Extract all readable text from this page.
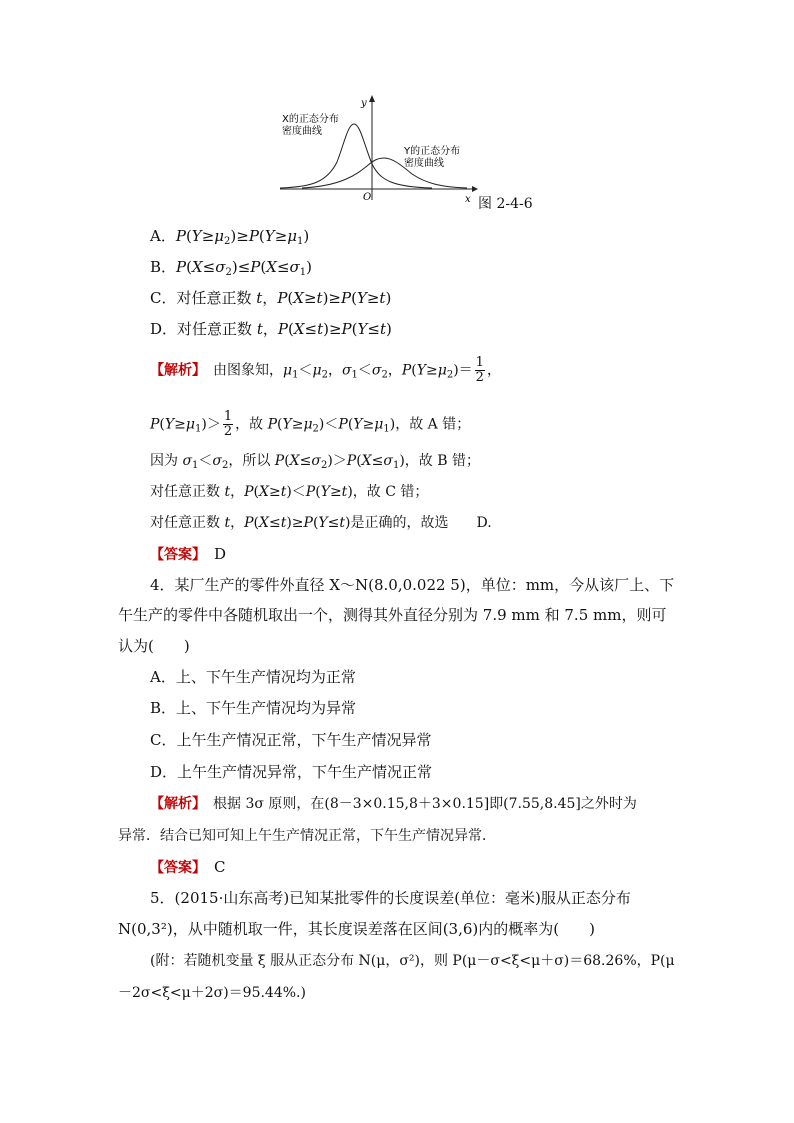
X的正态分布
密度曲线
Y的正态分布
密度曲线
y
x
O	图 2-4-6
A．$P(Y\ge\mu_2)\ge P(Y\ge\mu_1)$
B．$P(X\le\sigma_2)\le P(X\le\sigma_1)$
C．对任意正数 t，P(X≥t)≥P(Y≥t)
D．对任意正数 t，P(X≤t)≥P(Y≤t)
【解析】　 由图象知，$\mu_1<\mu_2$，$\sigma_1<\sigma_2$，$P(Y\ge\mu_2)= \frac{1}{2}$ ，
$P(Y\ge\mu_1)> \frac{1}{2}$ ，故 $P(Y\ge\mu_2)<P(Y\ge\mu_1)$，故 A 错；
因为 $\sigma_1<\sigma_2$，所以 $P(X\le\sigma_2)>P(X\le\sigma_1)$，故 B 错；
对任意正数 t，P(X≥t)＜P(Y≥t)，故 C 错；
对任意正数 t，P(X≤t)≥P(Y≤t)是正确的，故选　　D.
【答案】　 D
4．某厂生产的零件外直径 X～N(8.0,0.022 5)，单位：mm，今从该厂上、下
午生产的零件中各随机取出一个，测得其外直径分别为 7.9 mm 和 7.5 mm，则可
认为(　　)
A．上、下午生产情况均为正常
B．上、下午生产情况均为异常
C．上午生产情况正常，下午生产情况异常
D．上午生产情况异常，下午生产情况正常
【解析】　 根据 3σ 原则，在(8－3×0.15,8＋3×0.15]即(7.55,8.45]之外时为
异常．结合已知可知上午生产情况正常，下午生产情况异常．
【答案】　 C
5．(2015·山东高考)已知某批零件的长度误差(单位：毫米)服从正态分布
N(0,3²)，从中随机取一件，其长度误差落在区间(3,6)内的概率为(　　)
(附：若随机变量 ξ 服从正态分布 N(μ，σ²)，则 P(μ－σ<ξ<μ＋σ)＝68.26%，P(μ
－2σ<ξ<μ＋2σ)＝95.44%.)
